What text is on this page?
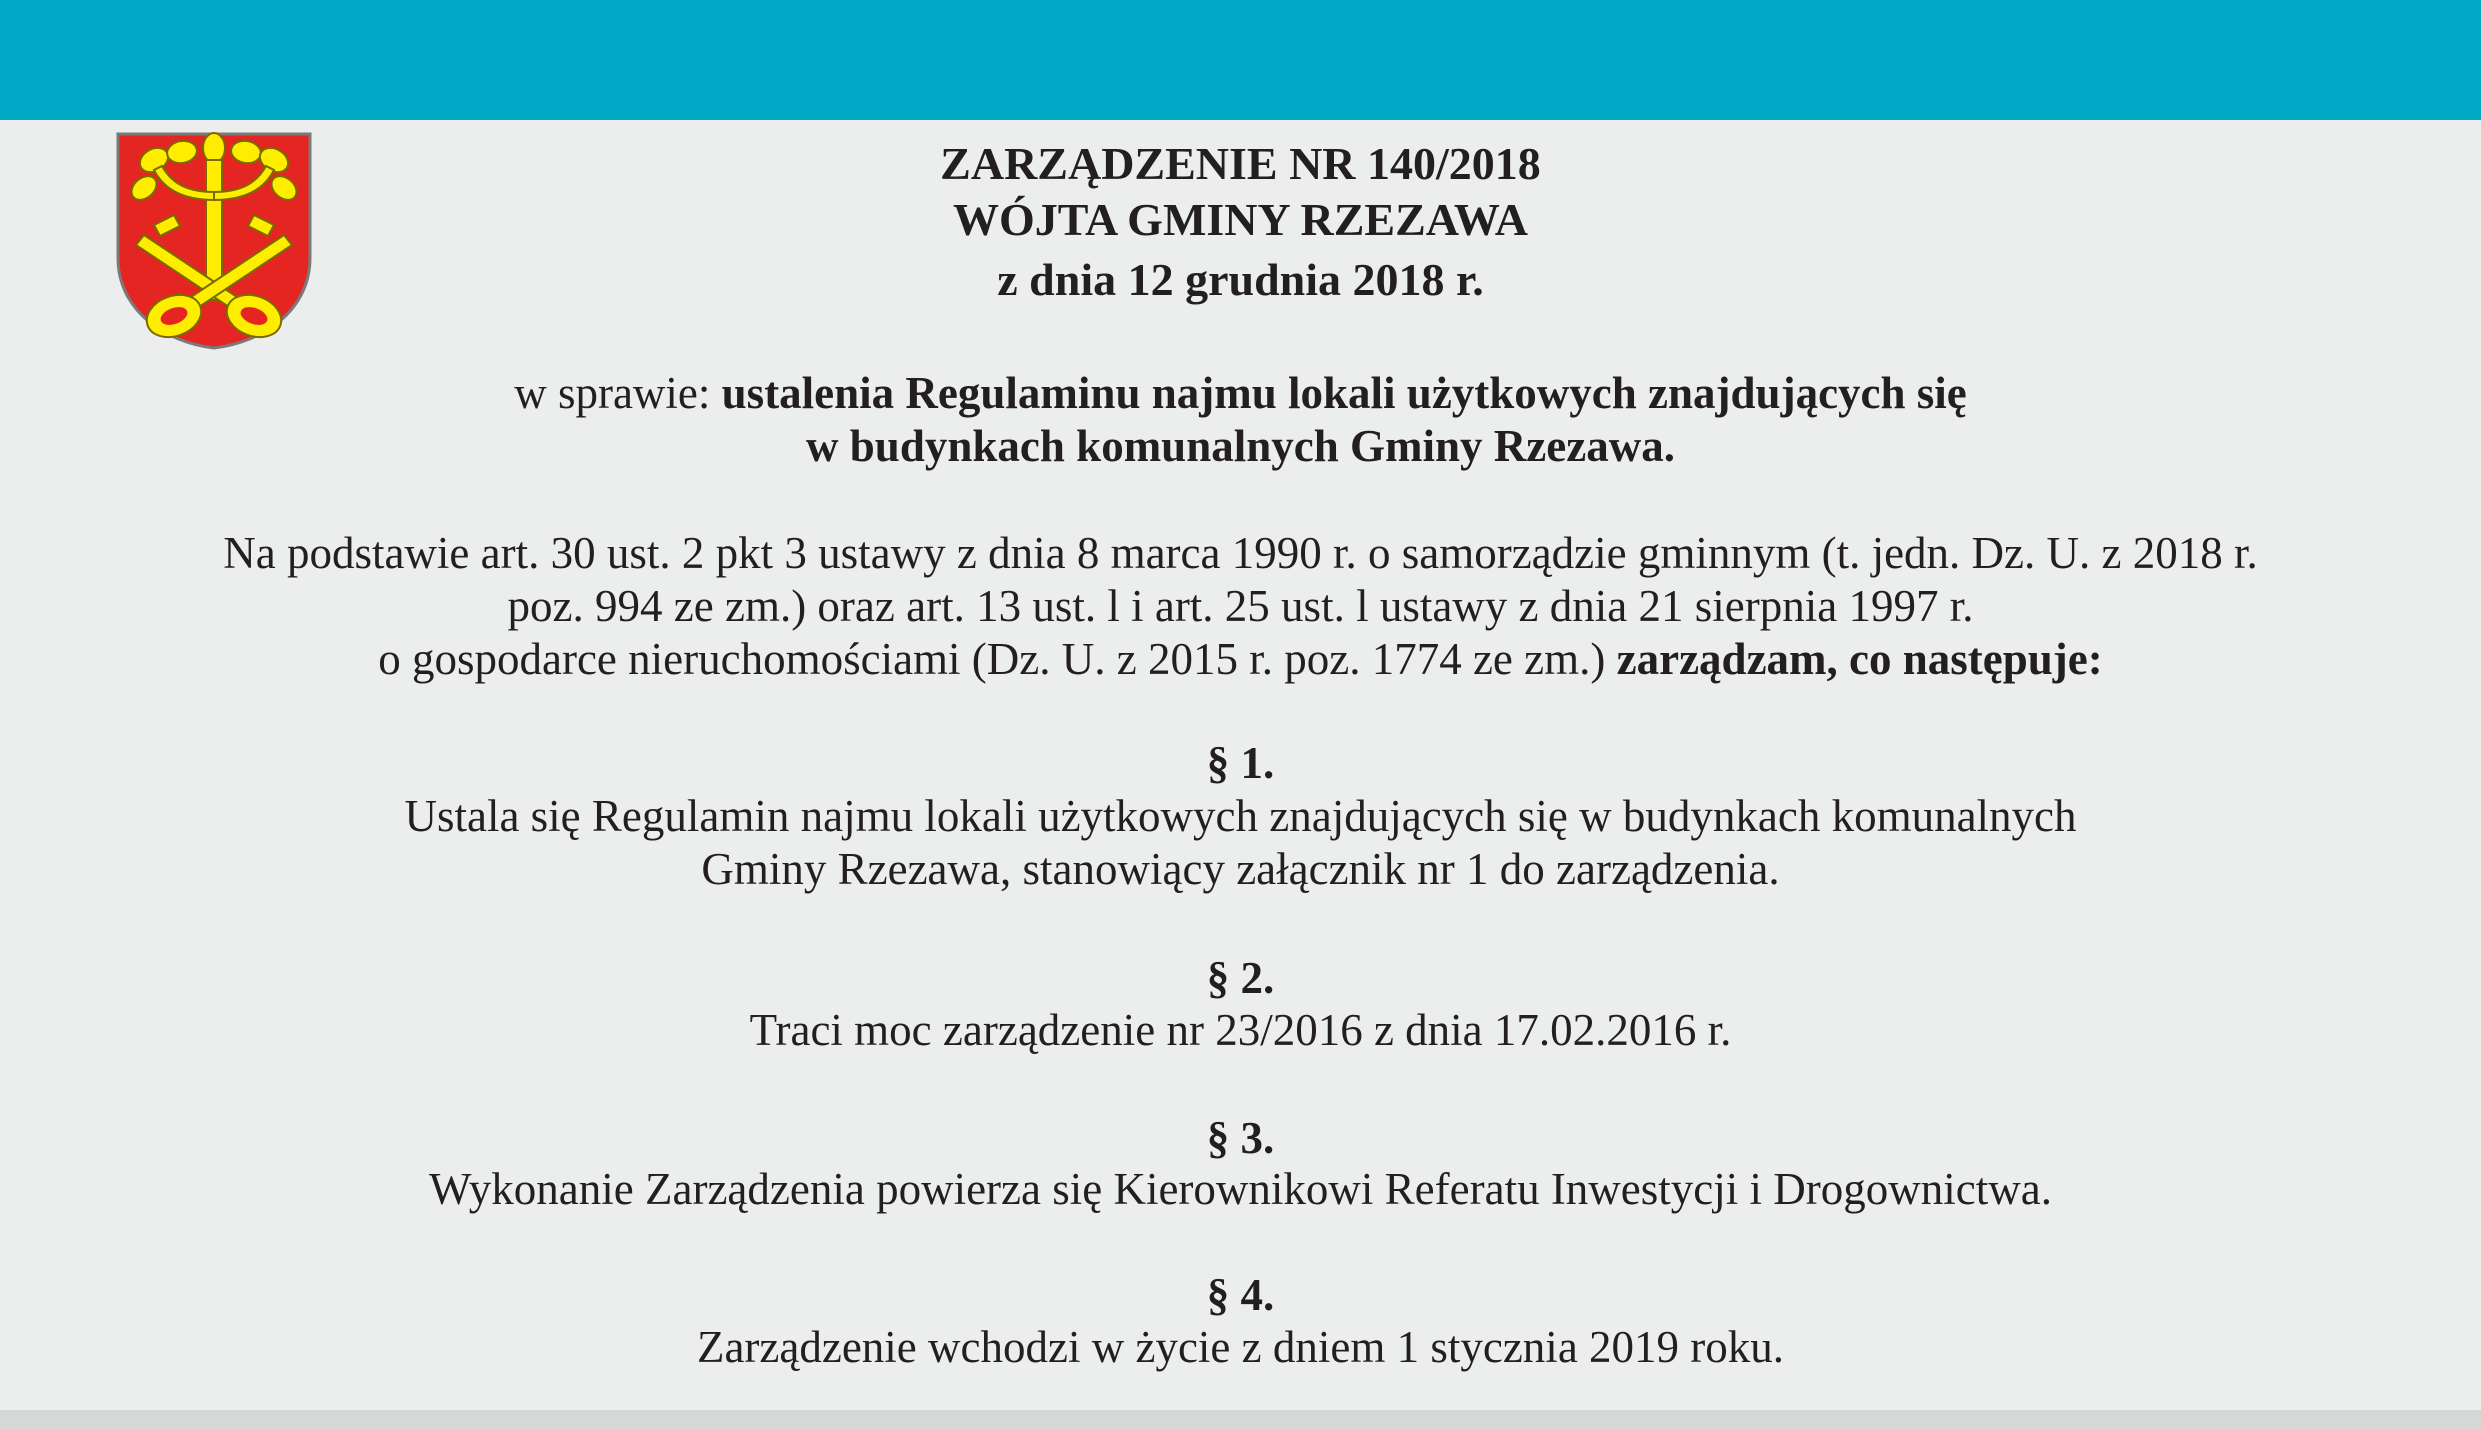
ZARZĄDZENIE NR 140/2018
WÓJTA GMINY RZEZAWA
z dnia 12 grudnia 2018 r.
w sprawie: ustalenia Regulaminu najmu lokali użytkowych znajdujących się
w budynkach komunalnych Gminy Rzezawa.
Na podstawie art. 30 ust. 2 pkt 3 ustawy z dnia 8 marca 1990 r. o samorządzie gminnym (t. jedn. Dz. U. z 2018 r.
poz. 994 ze zm.) oraz art. 13 ust. l i art. 25 ust. l ustawy z dnia 21 sierpnia 1997 r.
o gospodarce nieruchomościami (Dz. U. z 2015 r. poz. 1774 ze zm.) zarządzam, co następuje:
§ 1.
Ustala się Regulamin najmu lokali użytkowych znajdujących się w budynkach komunalnych
Gminy Rzezawa, stanowiący załącznik nr 1 do zarządzenia.
§ 2.
Traci moc zarządzenie nr 23/2016 z dnia 17.02.2016 r.
§ 3.
Wykonanie Zarządzenia powierza się Kierownikowi Referatu Inwestycji i Drogownictwa.
§ 4.
Zarządzenie wchodzi w życie z dniem 1 stycznia 2019 roku.
